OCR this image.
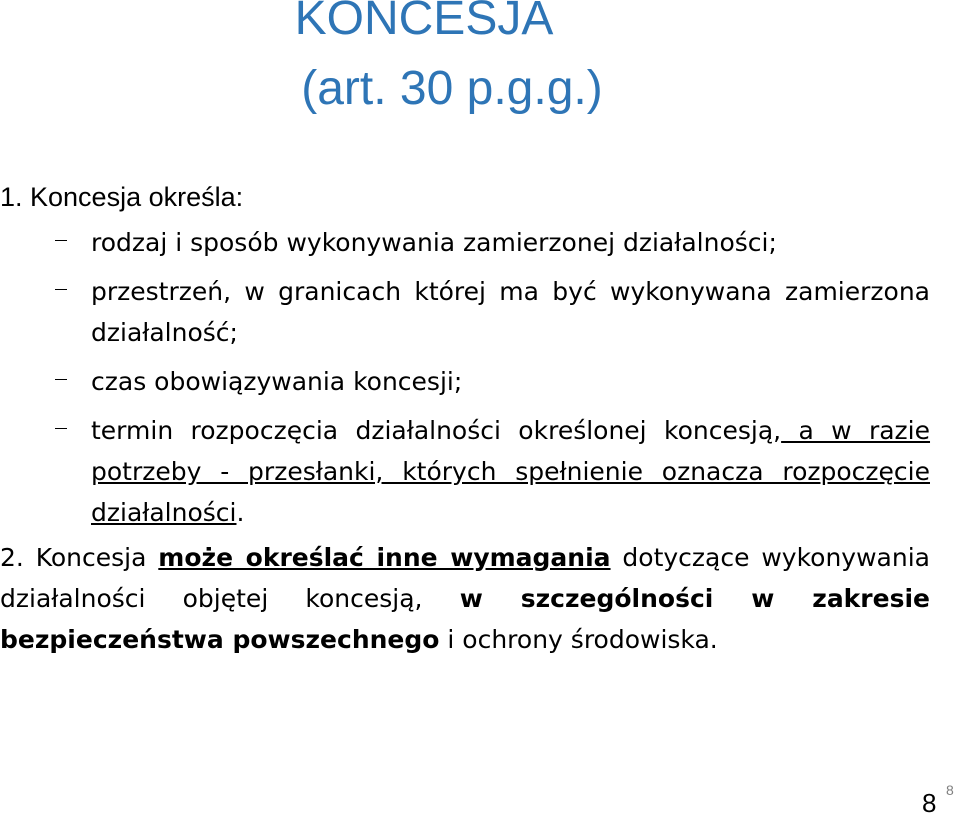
KONCESJA
(art. 30 p.g.g.)

1. Koncesja określa:

rodzaj i sposób wykonywania zamierzonej działalności;
przestrzeń, w granicach której ma być wykonywana zamierzona działalność;
czas obowiązywania koncesji;
termin rozpoczęcia działalności określonej koncesją, a w razie potrzeby - przesłanki, których spełnienie oznacza rozpoczęcie działalności.

2. Koncesja może określać inne wymagania dotyczące wykonywania działalności objętej koncesją, w szczególności w zakresie bezpieczeństwa powszechnego i ochrony środowiska.

8 8
